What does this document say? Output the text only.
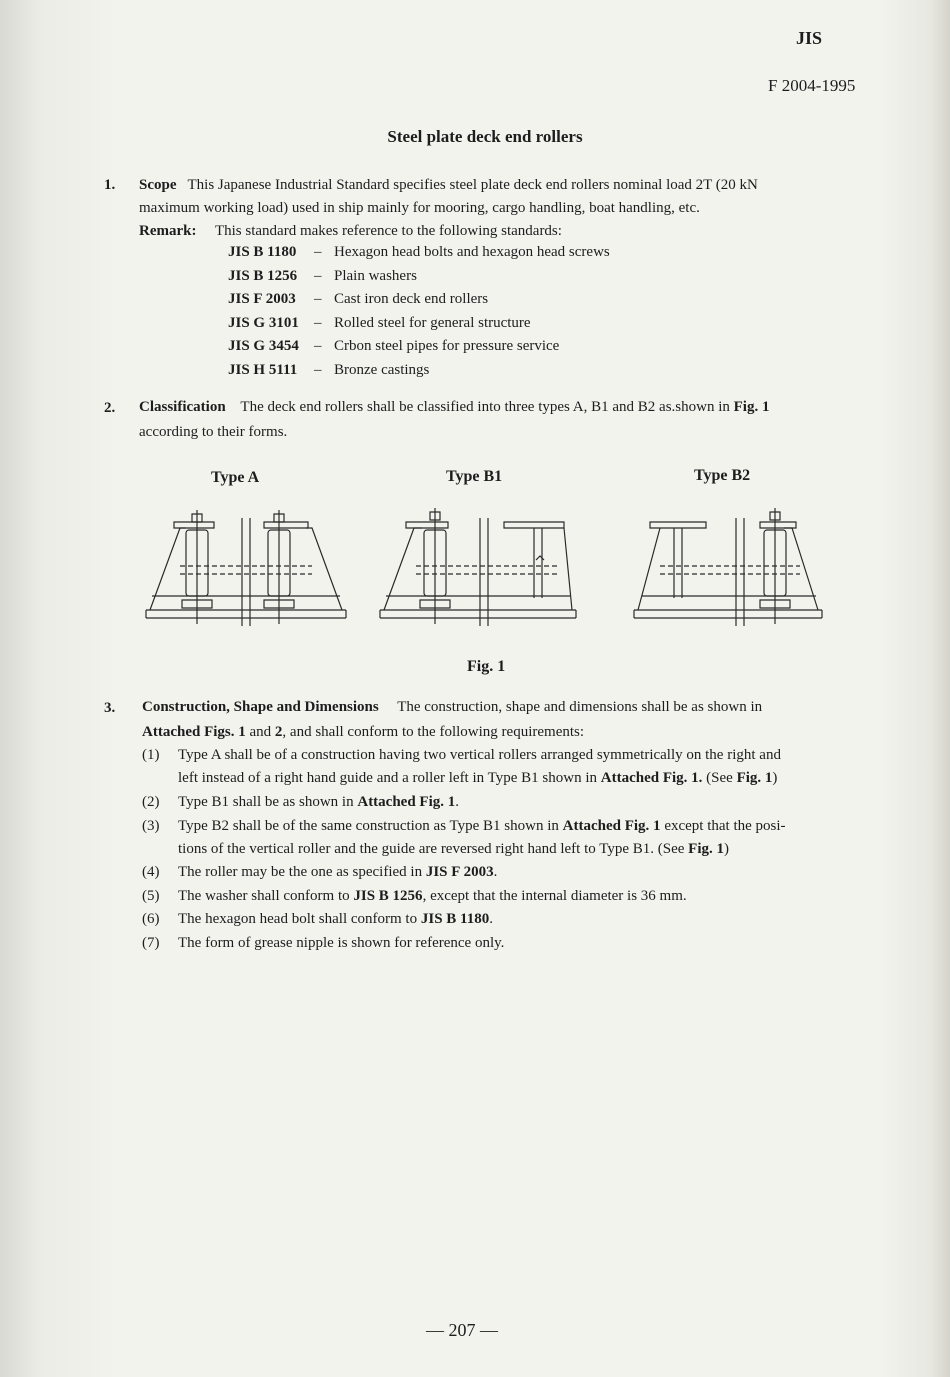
JIS
F 2004-1995
Steel plate deck end rollers
1. Scope This Japanese Industrial Standard specifies steel plate deck end rollers nominal load 2T (20 kN
maximum working load) used in ship mainly for mooring, cargo handling, boat handling, etc.
Remark: This standard makes reference to the following standards:
JIS B 1180 – Hexagon head bolts and hexagon head screws
JIS B 1256 – Plain washers
JIS F 2003 – Cast iron deck end rollers
JIS G 3101 – Rolled steel for general structure
JIS G 3454 – Crbon steel pipes for pressure service
JIS H 5111 – Bronze castings
2. Classification The deck end rollers shall be classified into three types A, B1 and B2 as.shown in Fig. 1
according to their forms.
Type A	Type B1	Type B2
Fig. 1
3. Construction, Shape and Dimensions The construction, shape and dimensions shall be as shown in
Attached Figs. 1 and 2, and shall conform to the following requirements:
(1) Type A shall be of a construction having two vertical rollers arranged symmetrically on the right and
left instead of a right hand guide and a roller left in Type B1 shown in Attached Fig. 1. (See Fig. 1)
(2) Type B1 shall be as shown in Attached Fig. 1.
(3) Type B2 shall be of the same construction as Type B1 shown in Attached Fig. 1 except that the posi-
tions of the vertical roller and the guide are reversed right hand left to Type B1. (See Fig. 1)
(4) The roller may be the one as specified in JIS F 2003.
(5) The washer shall conform to JIS B 1256, except that the internal diameter is 36 mm.
(6) The hexagon head bolt shall conform to JIS B 1180.
(7) The form of grease nipple is shown for reference only.
— 207 —
